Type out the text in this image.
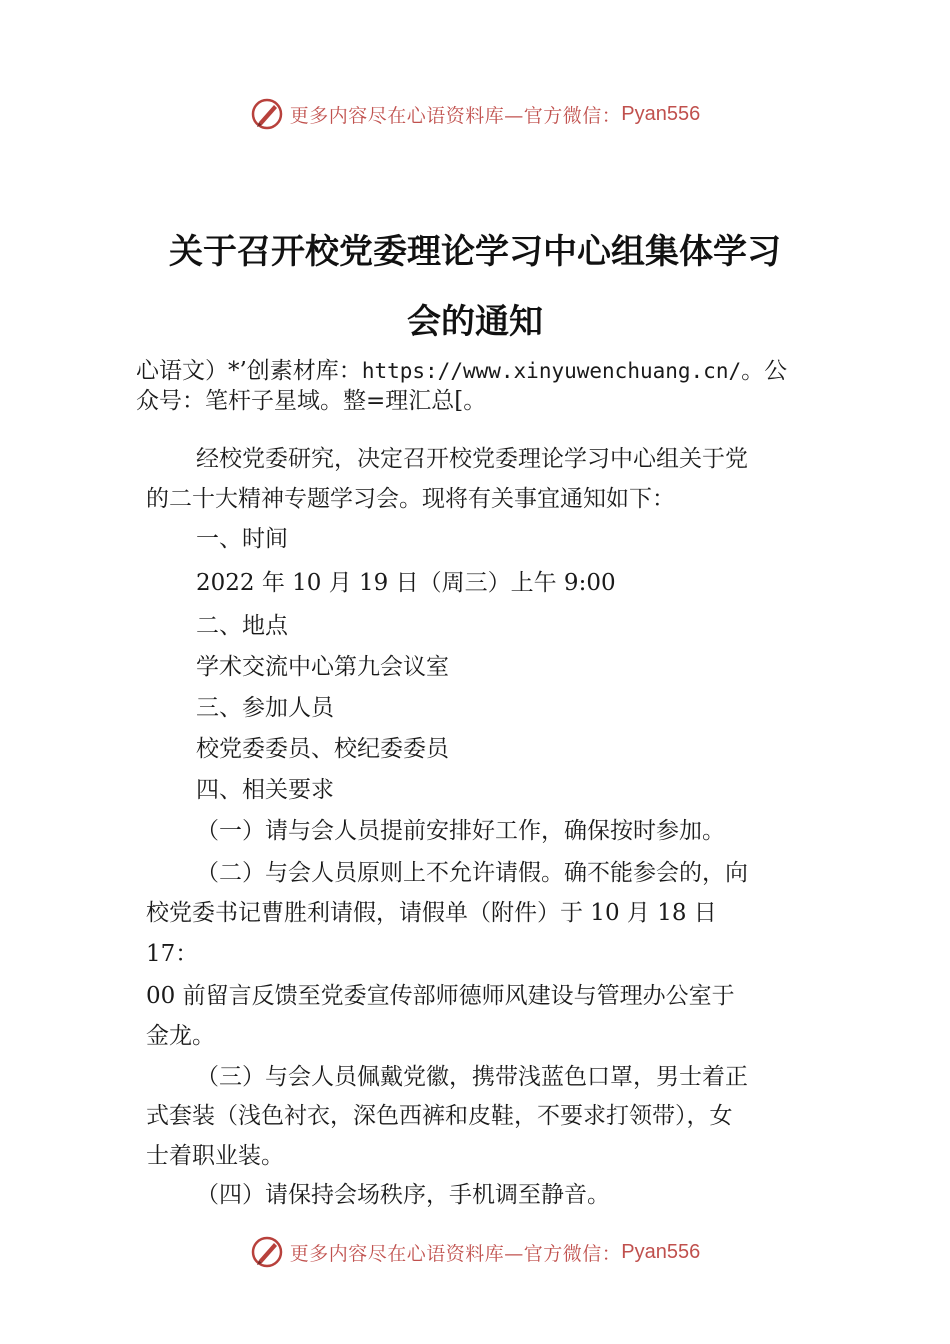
更多内容尽在心语资料库—官方微信： Pyan556
关于召开校党委理论学习中心组集体学习
会的通知
心语文）*’创素材库：https://www.xinyuwenchuang.cn/。公
众号：笔杆子星域。整=理汇总[。
经校党委研究，决定召开校党委理论学习中心组关于党
的二十大精神专题学习会。现将有关事宜通知如下：
一、时间
2022 年 10 月 19 日（周三）上午 9:00
二、地点
学术交流中心第九会议室
三、参加人员
校党委委员、校纪委委员
四、相关要求
（一）请与会人员提前安排好工作，确保按时参加。
（二）与会人员原则上不允许请假。确不能参会的，向
校党委书记曹胜利请假，请假单（附件）于 10 月 18 日
17：
00 前留言反馈至党委宣传部师德师风建设与管理办公室于
金龙。
（三）与会人员佩戴党徽，携带浅蓝色口罩，男士着正
式套装（浅色衬衣，深色西裤和皮鞋，不要求打领带），女
士着职业装。
（四）请保持会场秩序，手机调至静音。
更多内容尽在心语资料库—官方微信： Pyan556
